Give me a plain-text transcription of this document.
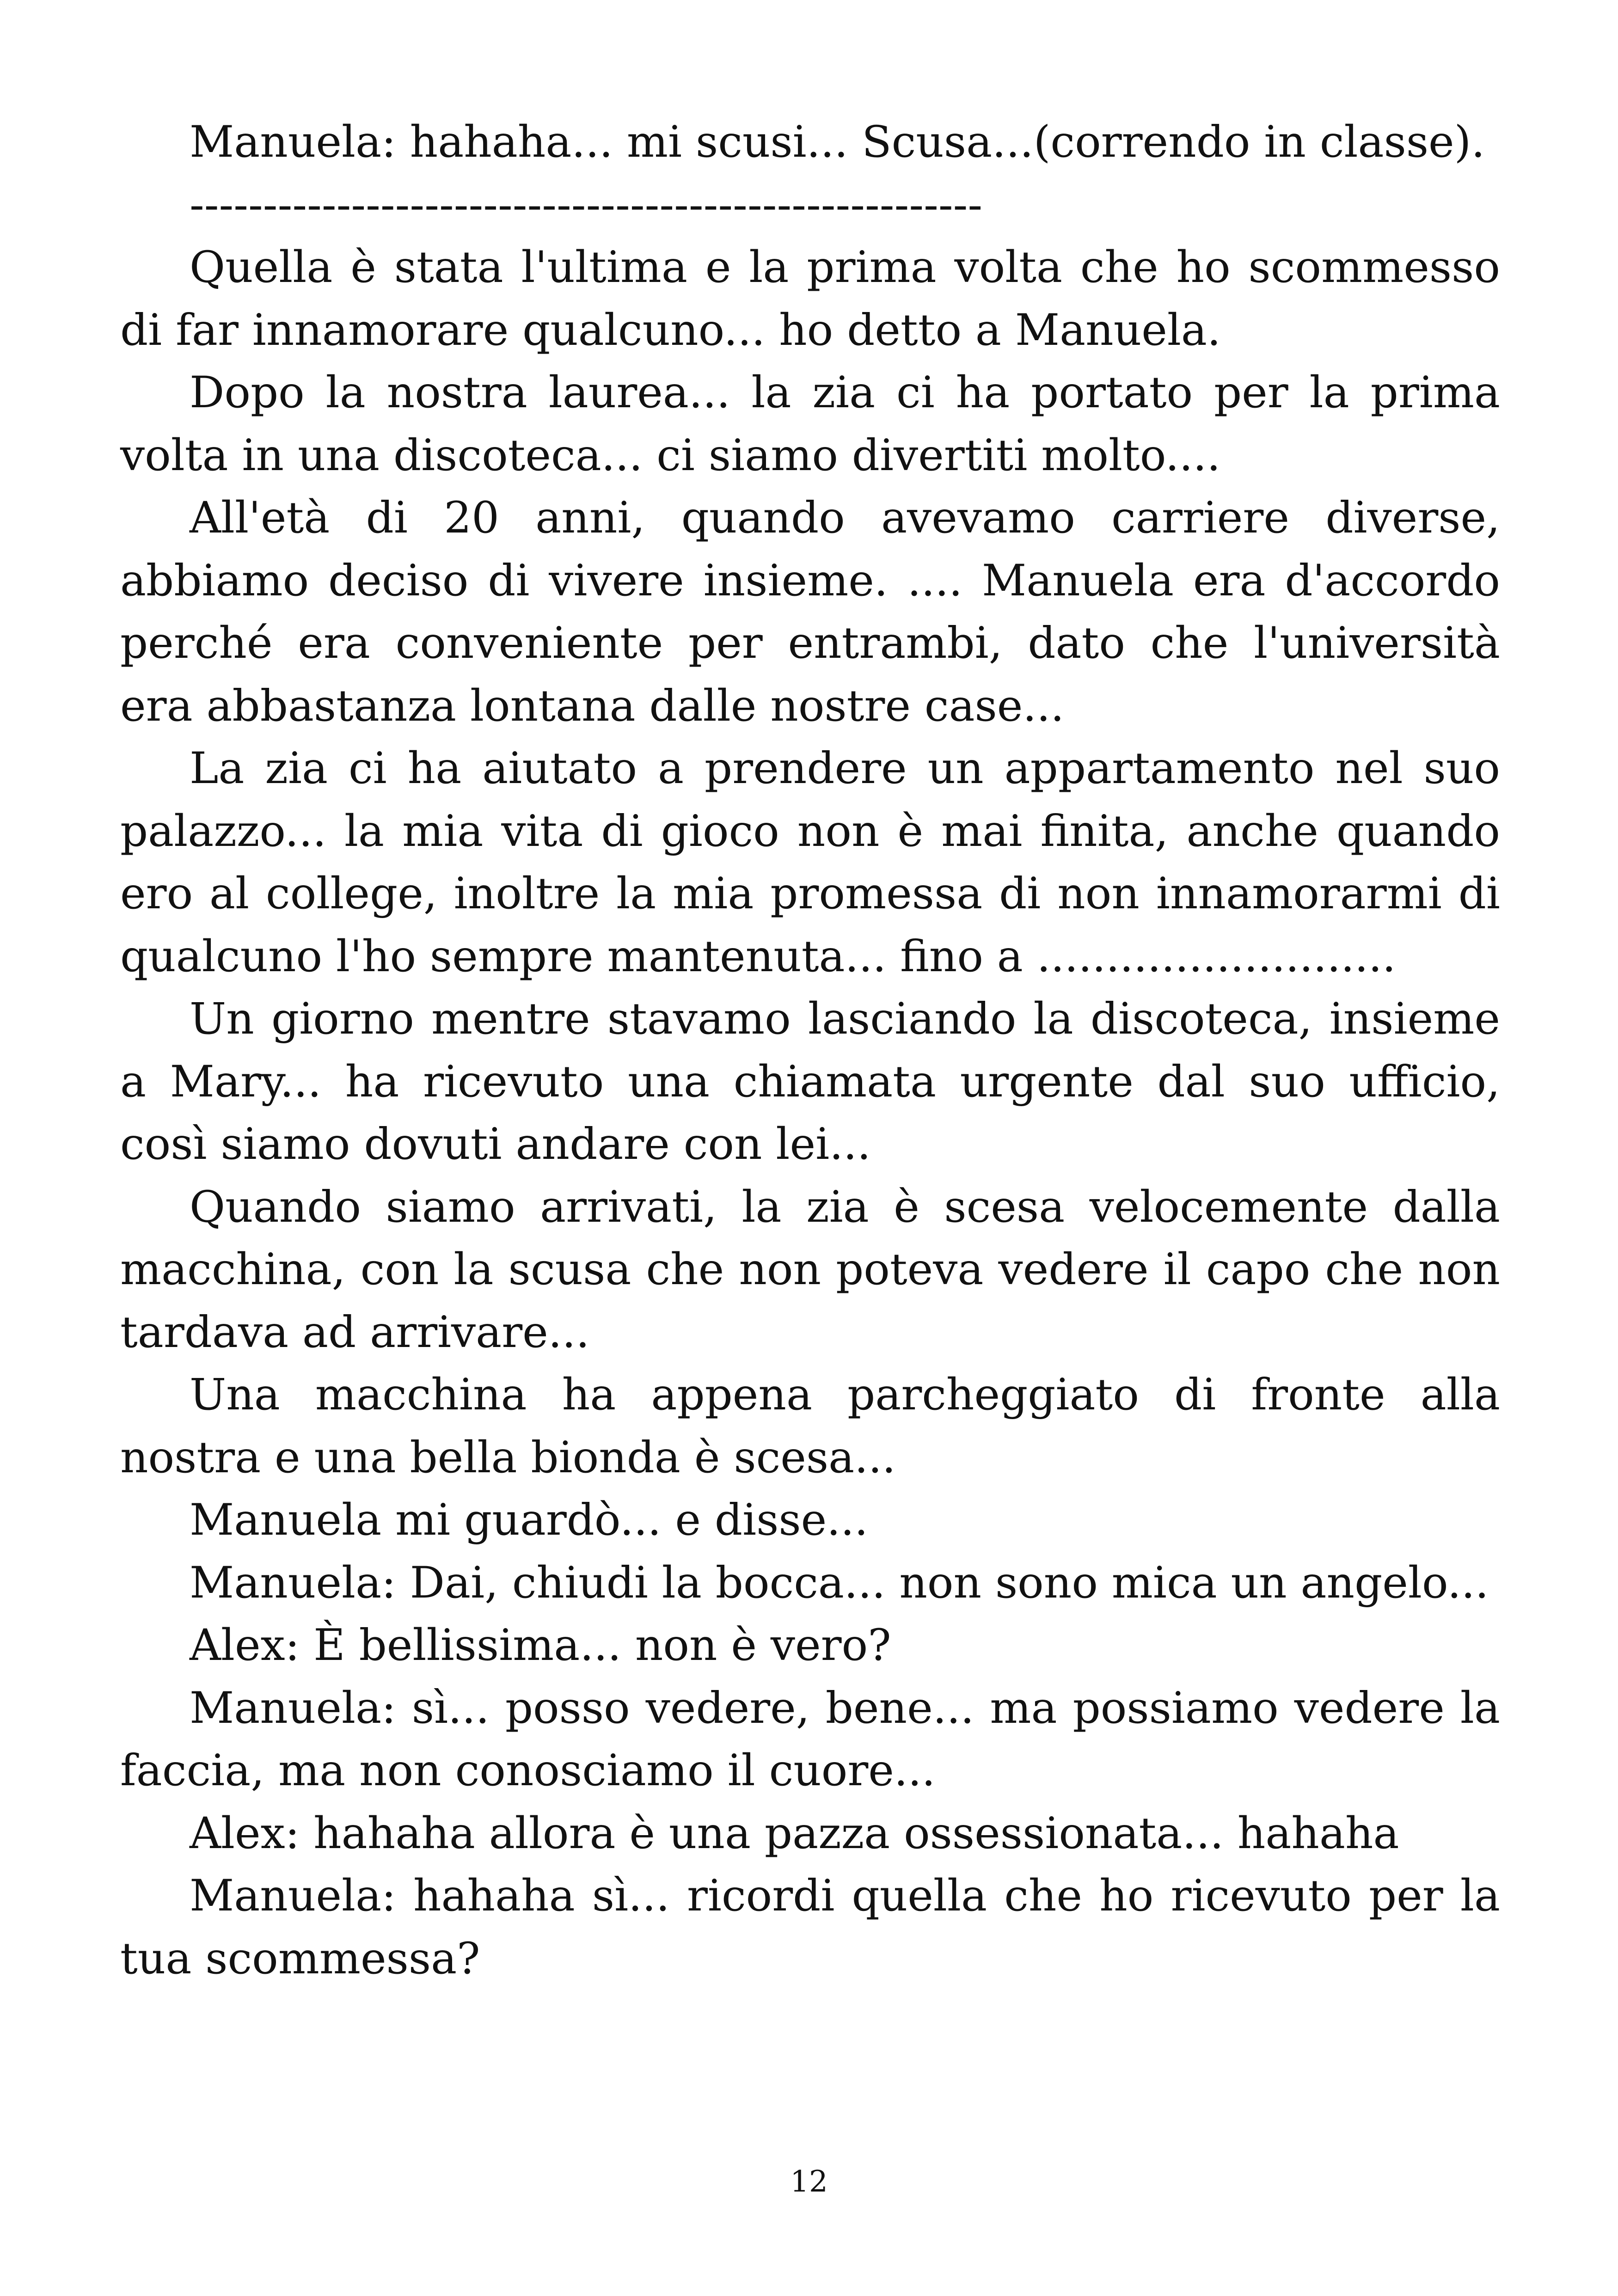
Manuela: hahaha... mi scusi... Scusa...(correndo in classe).

------------------------------------------------------

Quella è stata l'ultima e la prima volta che ho scommesso di far innamorare qualcuno... ho detto a Manuela.

Dopo la nostra laurea... la zia ci ha portato per la prima volta in una discoteca... ci siamo divertiti molto....

All'età di 20 anni, quando avevamo carriere diverse, abbiamo deciso di vivere insieme. .... Manuela era d'accordo perché era conveniente per entrambi, dato che l'università era abbastanza lontana dalle nostre case...

La zia ci ha aiutato a prendere un appartamento nel suo palazzo... la mia vita di gioco non è mai finita, anche quando ero al college, inoltre la mia promessa di non innamorarmi di qualcuno l'ho sempre mantenuta... fino a ..........................

Un giorno mentre stavamo lasciando la discoteca, insieme a Mary... ha ricevuto una chiamata urgente dal suo ufficio, così siamo dovuti andare con lei...

Quando siamo arrivati, la zia è scesa velocemente dalla macchina, con la scusa che non poteva vedere il capo che non tardava ad arrivare...

Una macchina ha appena parcheggiato di fronte alla nostra e una bella bionda è scesa...

Manuela mi guardò... e disse...

Manuela: Dai, chiudi la bocca... non sono mica un angelo...

Alex: È bellissima... non è vero?

Manuela: sì... posso vedere, bene... ma possiamo vedere la faccia, ma non conosciamo il cuore...

Alex: hahaha allora è una pazza ossessionata... hahaha

Manuela: hahaha sì... ricordi quella che ho ricevuto per la tua scommessa?

12
